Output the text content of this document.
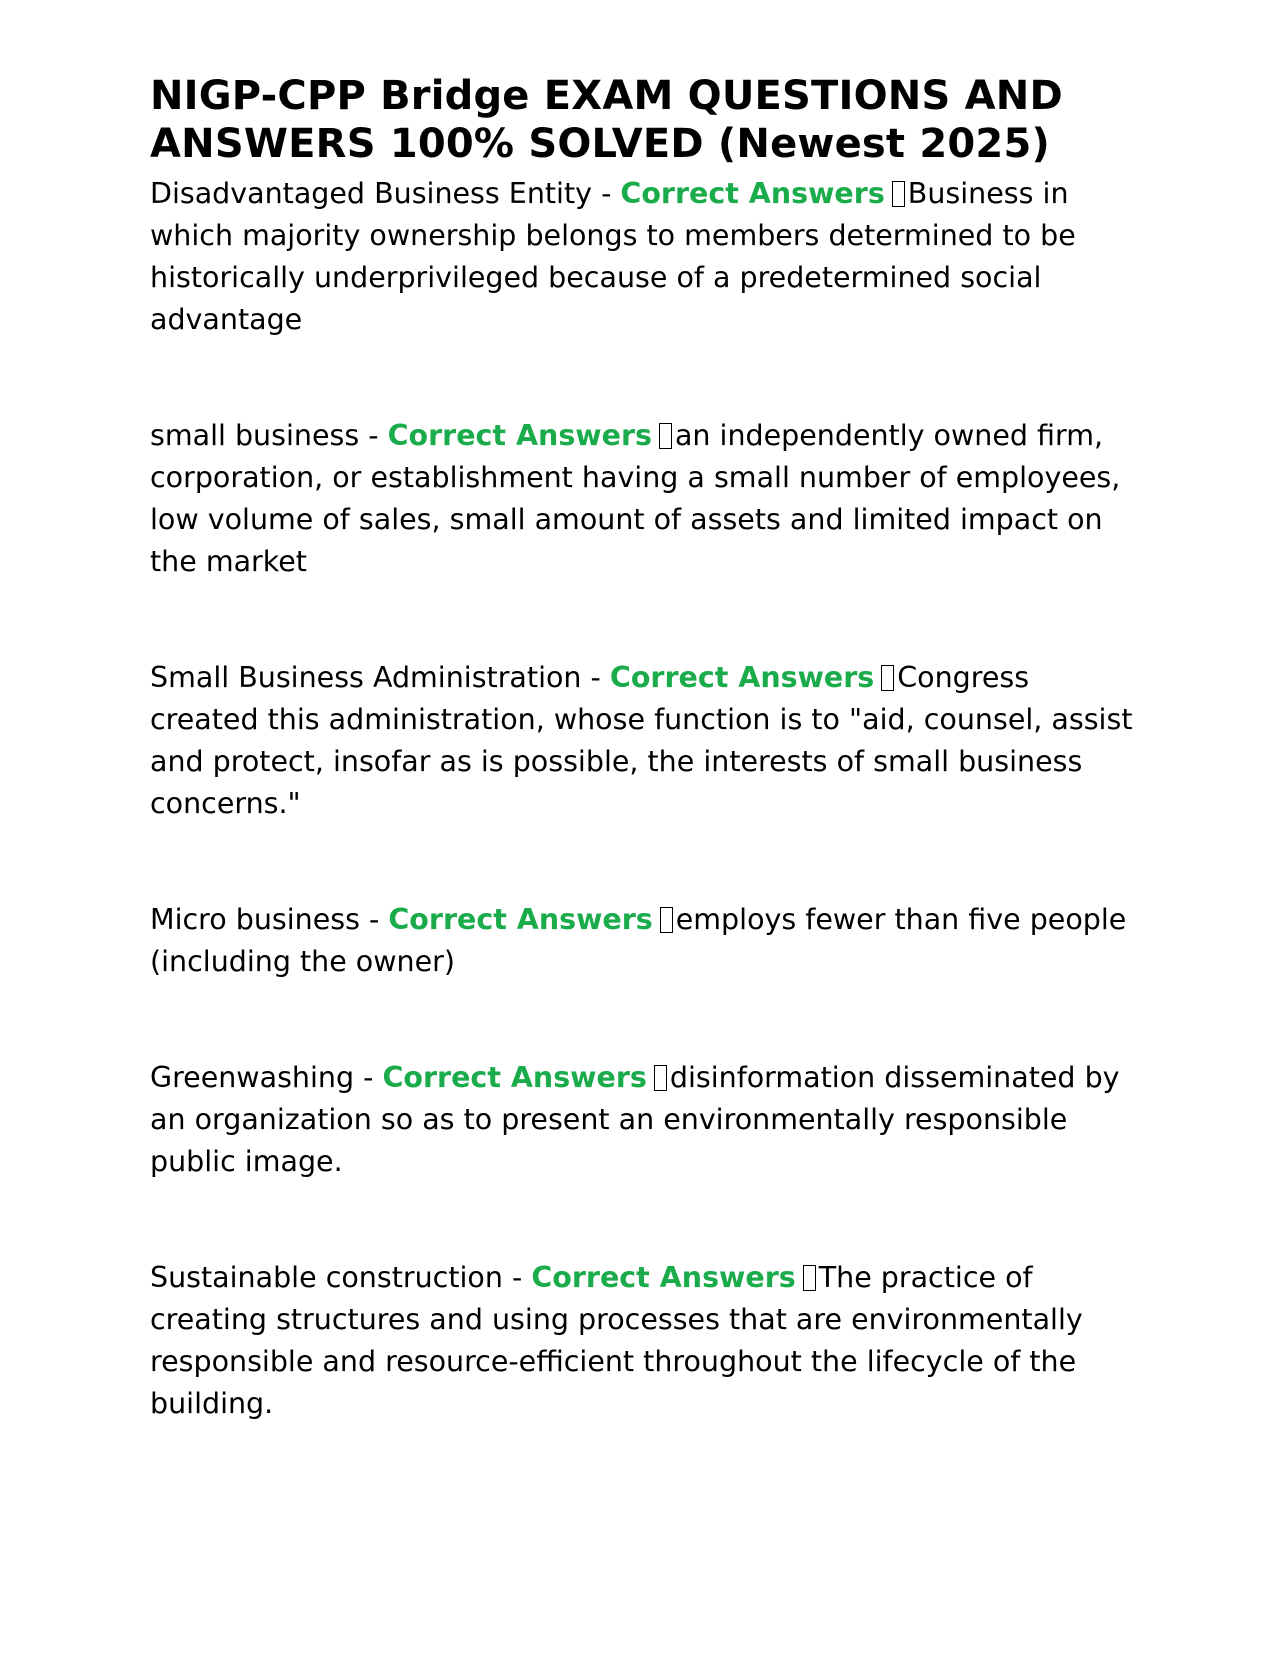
NIGP-CPP Bridge EXAM QUESTIONS AND ANSWERS 100% SOLVED (Newest 2025)

Disadvantaged Business Entity - Correct Answers Business in which majority ownership belongs to members determined to be historically underprivileged because of a predetermined social advantage

small business - Correct Answers an independently owned firm, corporation, or establishment having a small number of employees, low volume of sales, small amount of assets and limited impact on the market

Small Business Administration - Correct Answers Congress created this administration, whose function is to "aid, counsel, assist and protect, insofar as is possible, the interests of small business concerns."

Micro business - Correct Answers employs fewer than five people (including the owner)

Greenwashing - Correct Answers disinformation disseminated by an organization so as to present an environmentally responsible public image.

Sustainable construction - Correct Answers The practice of creating structures and using processes that are environmentally responsible and resource-efficient throughout the lifecycle of the building.
